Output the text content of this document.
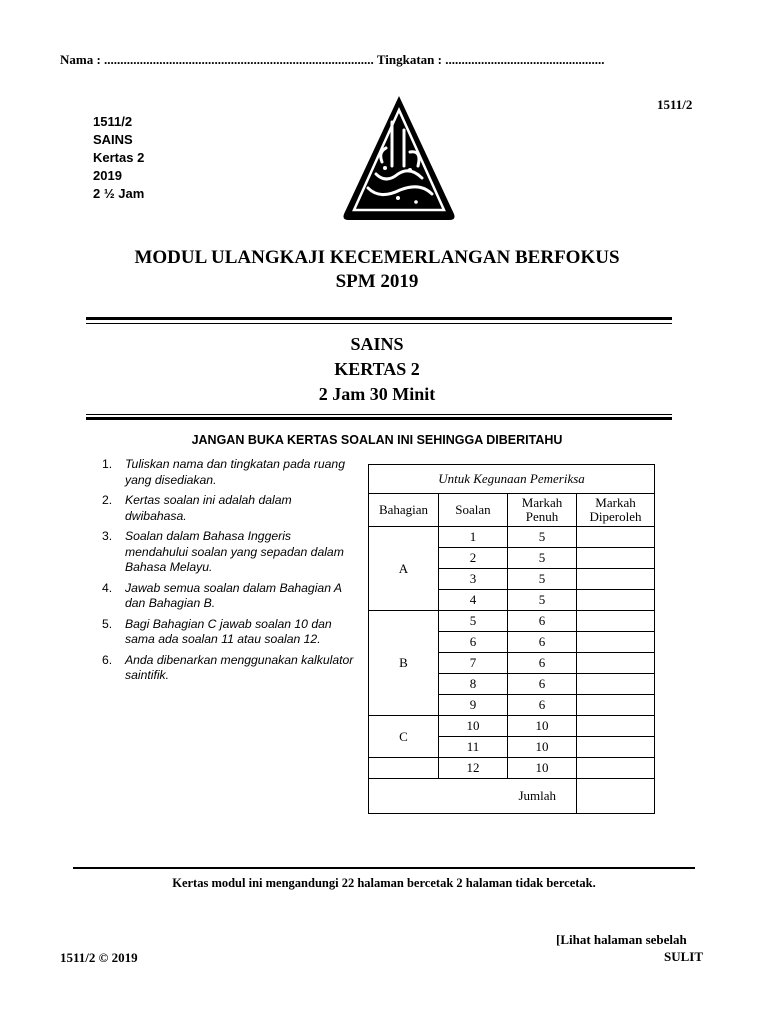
Nama : ................................................................................... Tingkatan : .................................................
1511/2
1511/2
SAINS
Kertas 2
2019
2 ½ Jam
MODUL ULANGKAJI KECEMERLANGAN BERFOKUS
SPM 2019
SAINS
KERTAS 2
2 Jam 30 Minit
JANGAN BUKA KERTAS SOALAN INI SEHINGGA DIBERITAHU
1. Tuliskan nama dan tingkatan pada ruang yang disediakan.
2. Kertas soalan ini adalah dalam dwibahasa.
3. Soalan dalam Bahasa Inggeris mendahului soalan yang sepadan dalam Bahasa Melayu.
4. Jawab semua soalan dalam Bahagian A dan Bahagian B.
5. Bagi Bahagian C jawab soalan 10 dan sama ada soalan 11 atau soalan 12.
6. Anda dibenarkan menggunakan kalkulator saintifik.
Untuk Kegunaan Pemeriksa			
Bahagian	Soalan	Markah Penuh	Markah Diperoleh
A	1	5	
	2	5	
	3	5	
	4	5	
B	5	6	
	6	6	
	7	6	
	8	6	
	9	6	
C	10	10	
	11	10	
	12	10	
Jumlah			
Kertas modul ini mengandungi 22 halaman bercetak 2 halaman tidak bercetak.
[Lihat halaman sebelah
SULIT
1511/2 © 2019
